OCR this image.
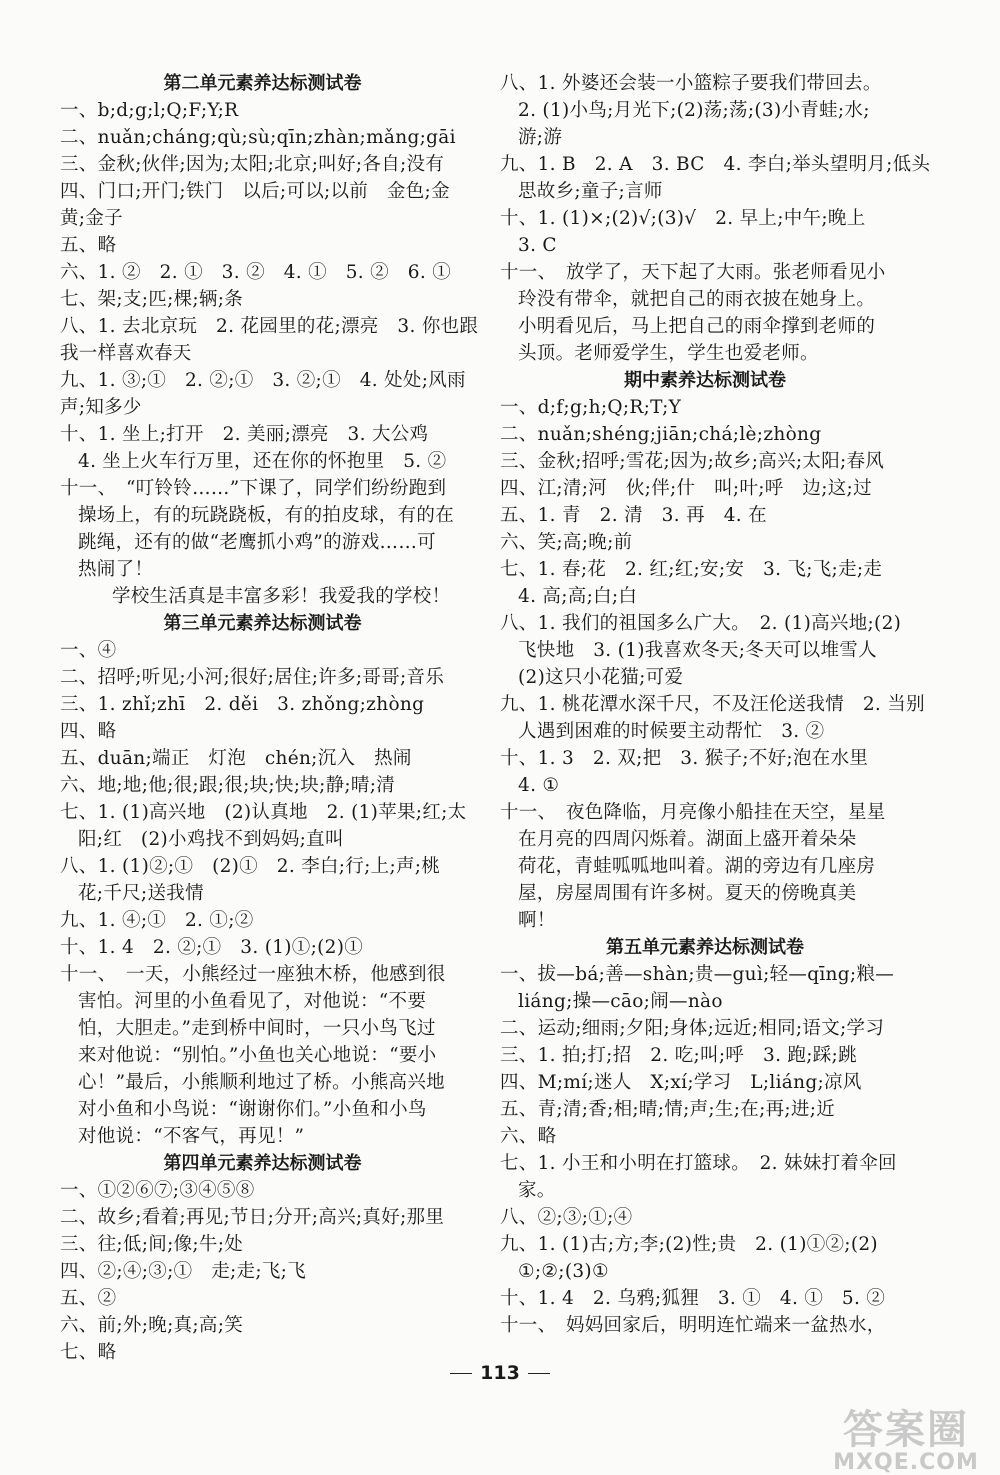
第二单元素养达标测试卷
一、b;d;g;l;Q;F;Y;R
二、nuǎn;cháng;qù;sù;qīn;zhàn;mǎng;gāi
三、金秋;伙伴;因为;太阳;北京;叫好;各自;没有
四、门口;开门;铁门　以后;可以;以前　金色;金
黄;金子
五、略
六、1. ②　2. ①　3. ②　4. ①　5. ②　6. ①
七、架;支;匹;棵;辆;条
八、1. 去北京玩　2. 花园里的花;漂亮　3. 你也跟
我一样喜欢春天
九、1. ③;①　2. ②;①　3. ②;①　4. 处处;风雨
声;知多少
十、1. 坐上;打开　2. 美丽;漂亮　3. 大公鸡
4. 坐上火车行万里，还在你的怀抱里　5. ②
十一、　“叮铃铃……”下课了，同学们纷纷跑到
操场上，有的玩跷跷板，有的拍皮球，有的在
跳绳，还有的做“老鹰抓小鸡”的游戏……可
热闹了！
学校生活真是丰富多彩！我爱我的学校！
第三单元素养达标测试卷
一、④
二、招呼;听见;小河;很好;居住;许多;哥哥;音乐
三、1. zhǐ;zhī　2. děi　3. zhǒng;zhòng
四、略
五、duān;端正　灯泡　chén;沉入　热闹
六、地;地;他;很;跟;很;块;快;块;静;晴;清
七、1. (1)高兴地　(2)认真地　2. (1)苹果;红;太
阳;红　(2)小鸡找不到妈妈;直叫
八、1. (1)②;①　(2)①　2. 李白;行;上;声;桃
花;千尺;送我情
九、1. ④;①　2. ①;②
十、1. 4　2. ②;①　3. (1)①;(2)①
十一、　一天，小熊经过一座独木桥，他感到很
害怕。河里的小鱼看见了，对他说：“不要
怕，大胆走。”走到桥中间时，一只小鸟飞过
来对他说：“别怕。”小鱼也关心地说：“要小
心！”最后，小熊顺利地过了桥。小熊高兴地
对小鱼和小鸟说：“谢谢你们。”小鱼和小鸟
对他说：“不客气，再见！”
第四单元素养达标测试卷
一、①②⑥⑦;③④⑤⑧
二、故乡;看着;再见;节日;分开;高兴;真好;那里
三、往;低;间;像;牛;处
四、②;④;③;①　走;走;飞;飞
五、②
六、前;外;晚;真;高;笑
七、略
八、1. 外婆还会装一小篮粽子要我们带回去。
2. (1)小鸟;月光下;(2)荡;荡;(3)小青蛙;水;
游;游
九、1. B　2. A　3. BC　4. 李白;举头望明月;低头
思故乡;童子;言师
十、1. (1)×;(2)√;(3)√　2. 早上;中午;晚上
3. C
十一、　放学了，天下起了大雨。张老师看见小
玲没有带伞，就把自己的雨衣披在她身上。
小明看见后，马上把自己的雨伞撑到老师的
头顶。老师爱学生，学生也爱老师。
期中素养达标测试卷
一、d;f;g;h;Q;R;T;Y
二、nuǎn;shéng;jiān;chá;lè;zhòng
三、金秋;招呼;雪花;因为;故乡;高兴;太阳;春风
四、江;清;河　伙;伴;什　叫;叶;呼　边;这;过
五、1. 青　2. 清　3. 再　4. 在
六、笑;高;晚;前
七、1. 春;花　2. 红;红;安;安　3. 飞;飞;走;走
4. 高;高;白;白
八、1. 我们的祖国多么广大。　2. (1)高兴地;(2)
飞快地　3. (1)我喜欢冬天;冬天可以堆雪人
(2)这只小花猫;可爱
九、1. 桃花潭水深千尺，不及汪伦送我情　2. 当别
人遇到困难的时候要主动帮忙　3. ②
十、1. 3　2. 双;把　3. 猴子;不好;泡在水里
4. ①
十一、　夜色降临，月亮像小船挂在天空，星星
在月亮的四周闪烁着。湖面上盛开着朵朵
荷花，青蛙呱呱地叫着。湖的旁边有几座房
屋，房屋周围有许多树。夏天的傍晚真美
啊！
第五单元素养达标测试卷
一、拔—bá;善—shàn;贵—guì;轻—qīng;粮—
liáng;操—cāo;闹—nào
二、运动;细雨;夕阳;身体;远近;相同;语文;学习
三、1. 拍;打;招　2. 吃;叫;呼　3. 跑;踩;跳
四、M;mí;迷人　X;xí;学习　L;liáng;凉风
五、青;清;香;相;晴;情;声;生;在;再;进;近
六、略
七、1. 小王和小明在打篮球。　2. 妹妹打着伞回
家。
八、②;③;①;④
九、1. (1)古;方;李;(2)性;贵　2. (1)①②;(2)
①;②;(3)①
十、1. 4　2. 乌鸦;狐狸　3. ①　4. ①　5. ②
十一、　妈妈回家后，明明连忙端来一盆热水，
113
答案圈
MXQE.COM
